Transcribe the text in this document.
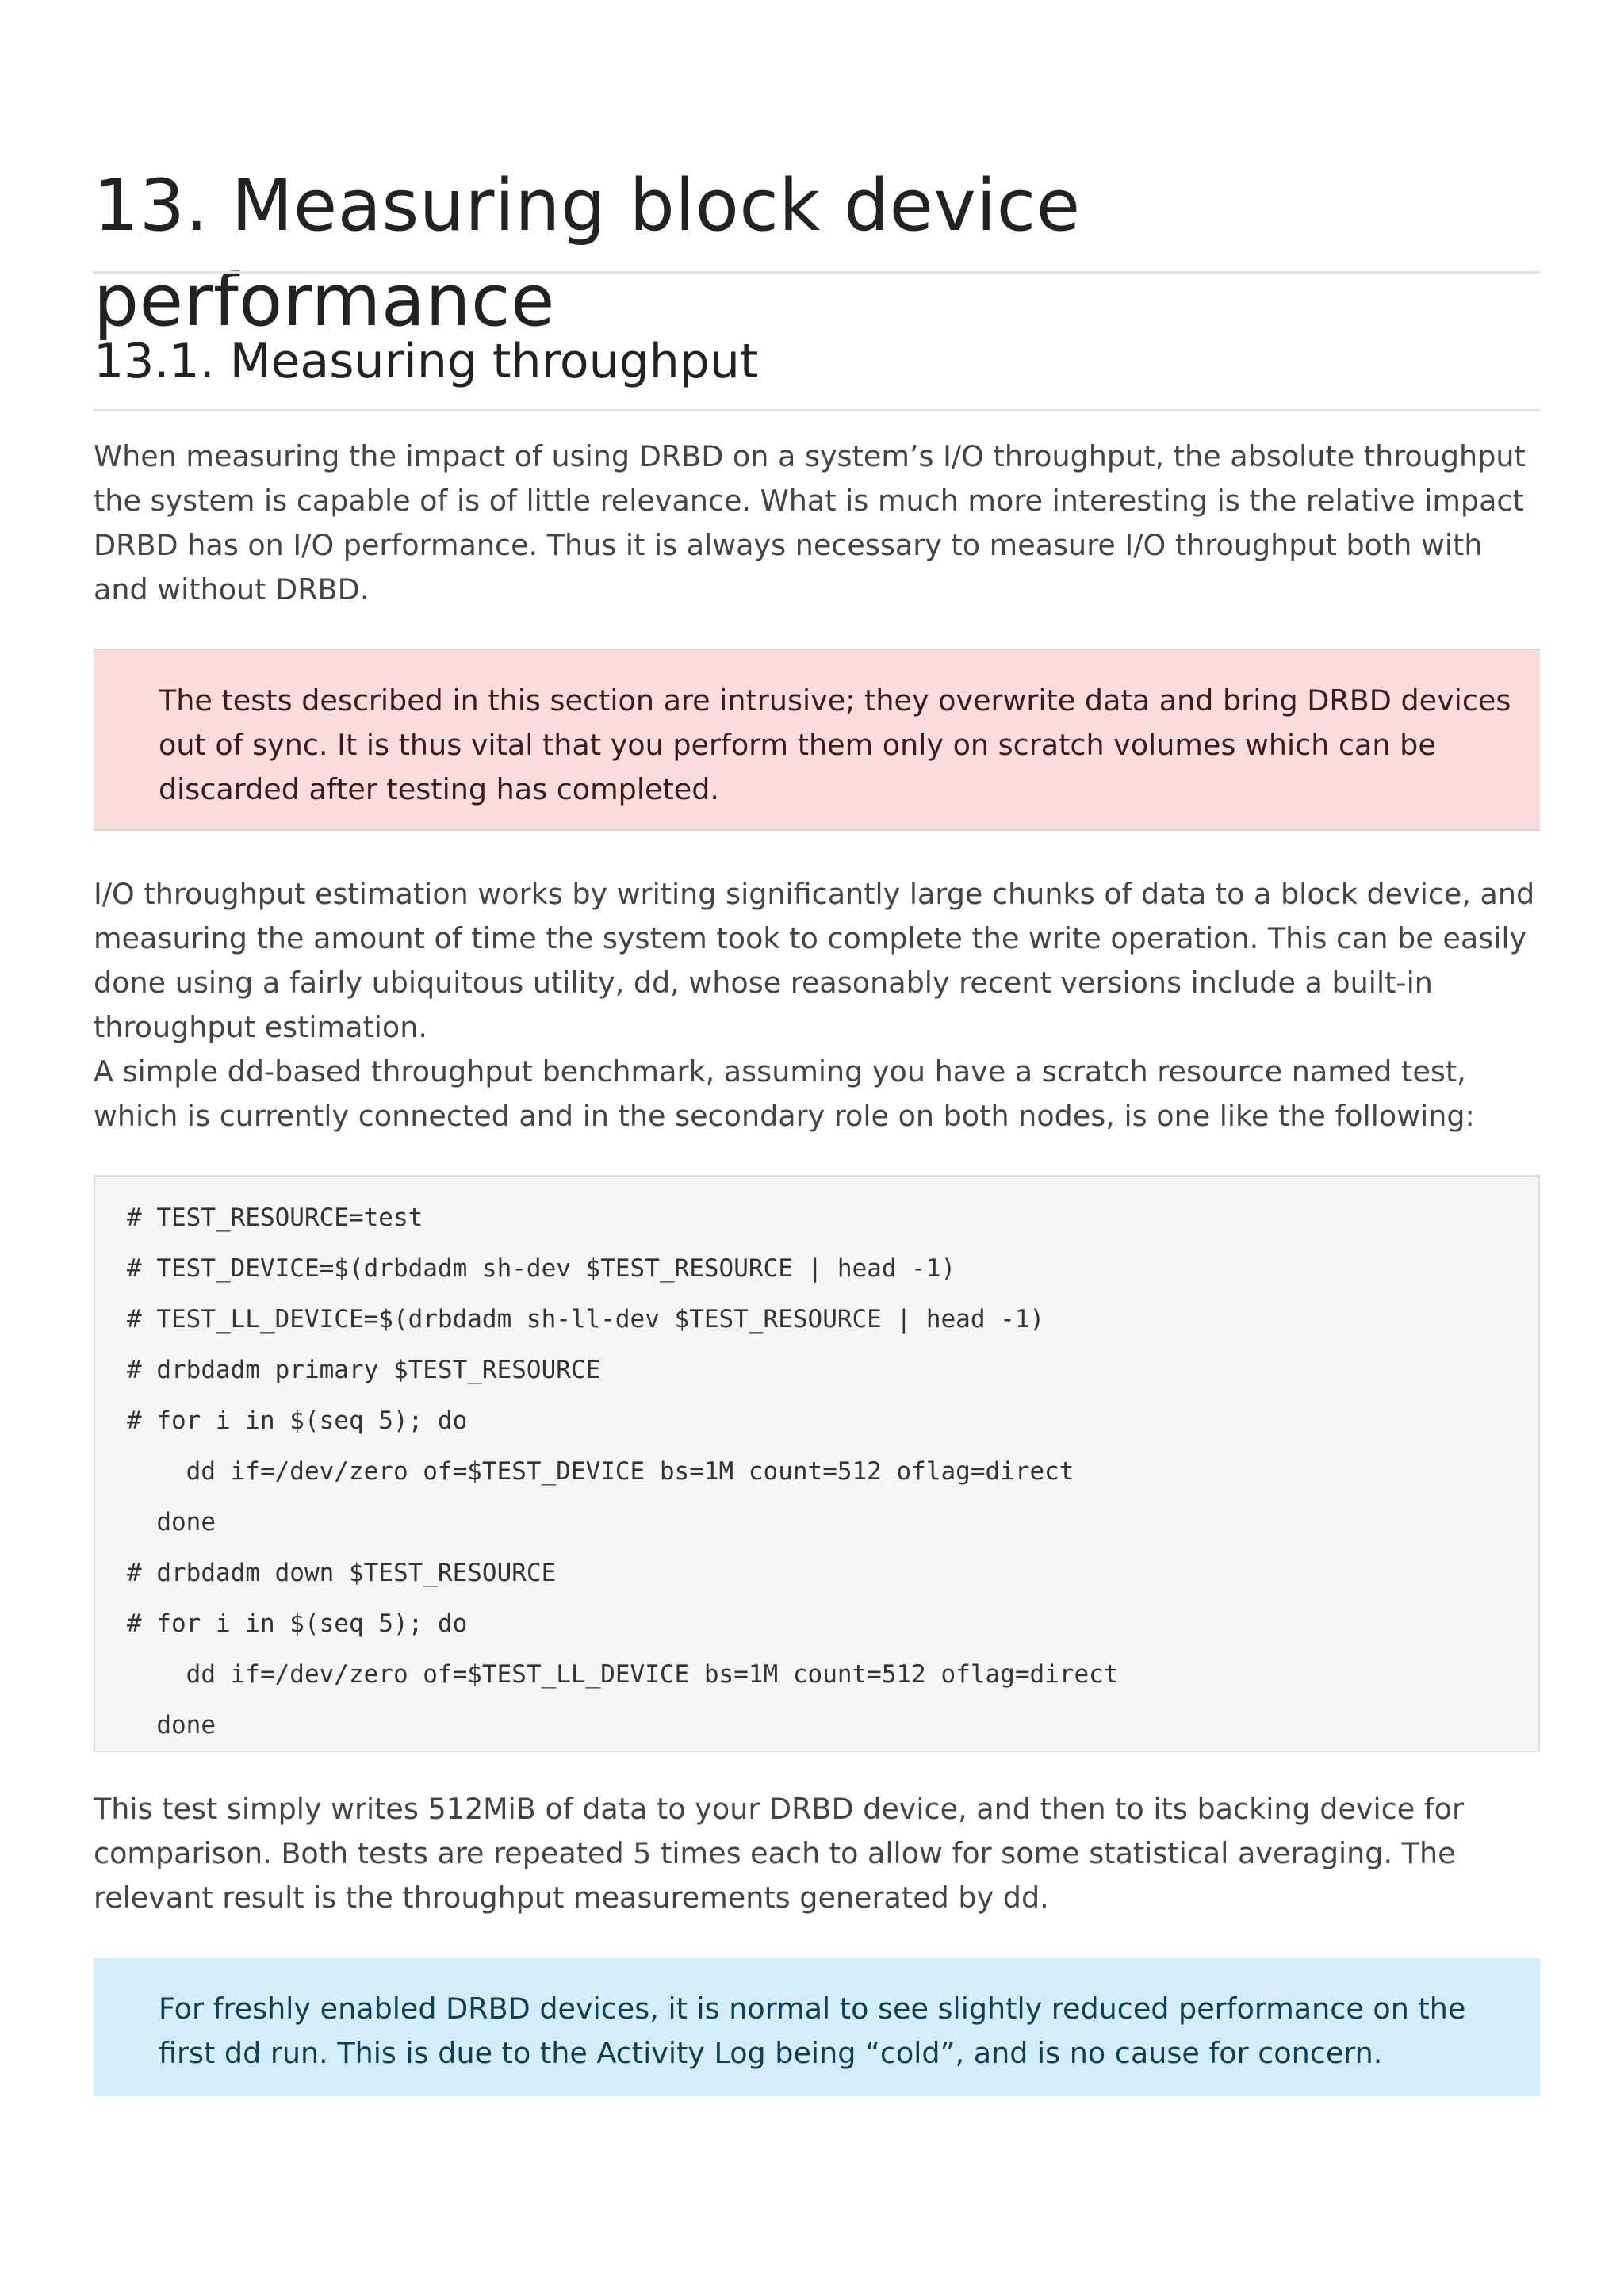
13. Measuring block device performance
13.1. Measuring throughput

When measuring the impact of using DRBD on a system’s I/O throughput, the absolute throughput the system is capable of is of little relevance. What is much more interesting is the relative impact DRBD has on I/O performance. Thus it is always necessary to measure I/O throughput both with and without DRBD.

The tests described in this section are intrusive; they overwrite data and bring DRBD devices out of sync. It is thus vital that you perform them only on scratch volumes which can be discarded after testing has completed.

I/O throughput estimation works by writing significantly large chunks of data to a block device, and measuring the amount of time the system took to complete the write operation. This can be easily done using a fairly ubiquitous utility, dd, whose reasonably recent versions include a built-in throughput estimation.

A simple dd-based throughput benchmark, assuming you have a scratch resource named test, which is currently connected and in the secondary role on both nodes, is one like the following:

# TEST_RESOURCE=test
# TEST_DEVICE=$(drbdadm sh-dev $TEST_RESOURCE | head -1)
# TEST_LL_DEVICE=$(drbdadm sh-ll-dev $TEST_RESOURCE | head -1)
# drbdadm primary $TEST_RESOURCE
# for i in $(seq 5); do
dd if=/dev/zero of=$TEST_DEVICE bs=1M count=512 oflag=direct
done
# drbdadm down $TEST_RESOURCE
# for i in $(seq 5); do
dd if=/dev/zero of=$TEST_LL_DEVICE bs=1M count=512 oflag=direct
done

This test simply writes 512MiB of data to your DRBD device, and then to its backing device for comparison. Both tests are repeated 5 times each to allow for some statistical averaging. The relevant result is the throughput measurements generated by dd.

For freshly enabled DRBD devices, it is normal to see slightly reduced performance on the first dd run. This is due to the Activity Log being “cold”, and is no cause for concern.
